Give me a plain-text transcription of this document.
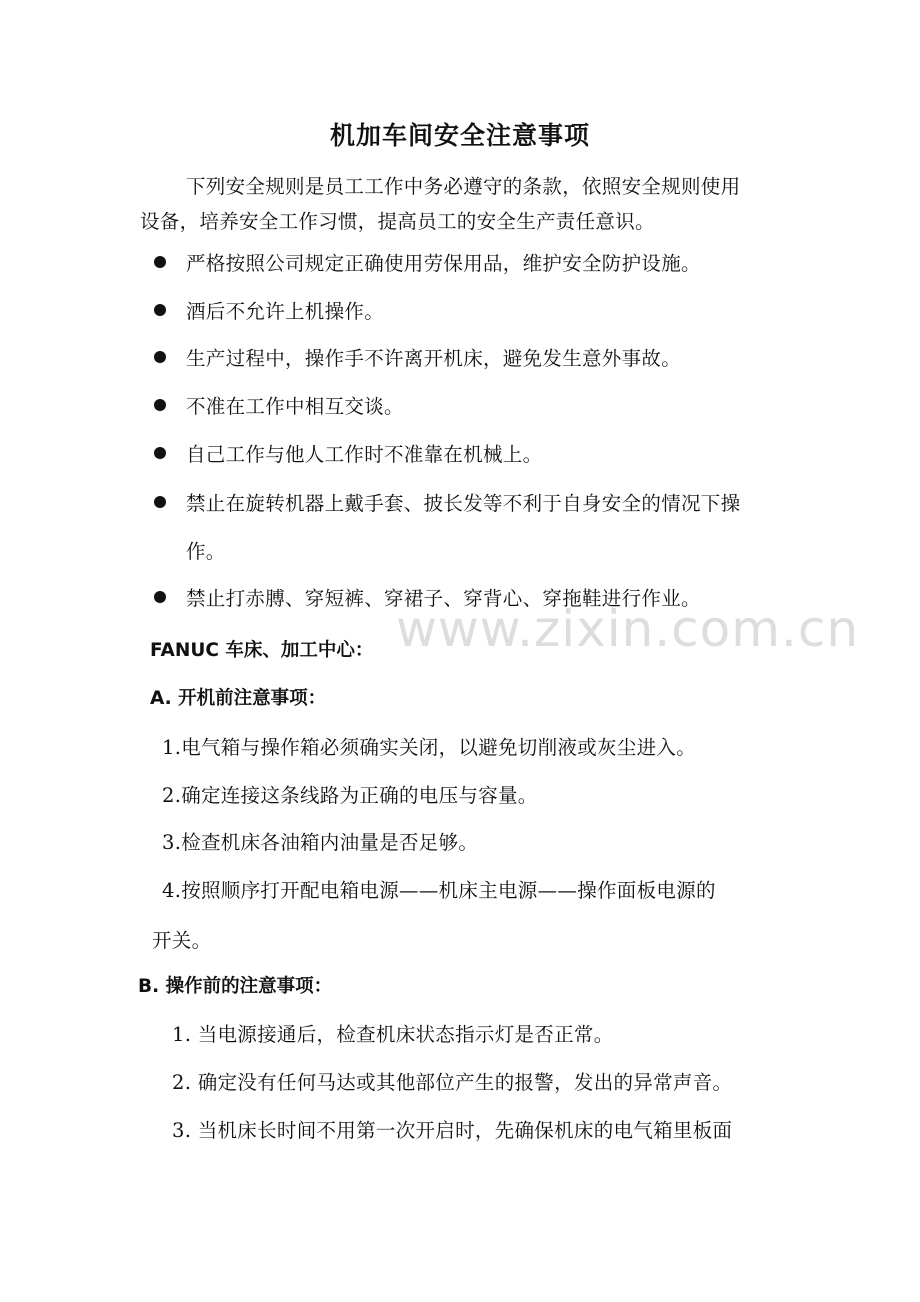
机加车间安全注意事项
下列安全规则是员工工作中务必遵守的条款，依照安全规则使用
设备，培养安全工作习惯，提高员工的安全生产责任意识。
严格按照公司规定正确使用劳保用品，维护安全防护设施。
酒后不允许上机操作。
生产过程中，操作手不许离开机床，避免发生意外事故。
不准在工作中相互交谈。
自己工作与他人工作时不准靠在机械上。
禁止在旋转机器上戴手套、披长发等不利于自身安全的情况下操
作。
禁止打赤膊、穿短裤、穿裙子、穿背心、穿拖鞋进行作业。
www.zixin.com.cn
FANUC 车床、加工中心：
A. 开机前注意事项：
1.电气箱与操作箱必须确实关闭，以避免切削液或灰尘进入。
2.确定连接这条线路为正确的电压与容量。
3.检查机床各油箱内油量是否足够。
4.按照顺序打开配电箱电源——机床主电源——操作面板电源的
开关。
B. 操作前的注意事项：
1. 当电源接通后，检查机床状态指示灯是否正常。
2. 确定没有任何马达或其他部位产生的报警，发出的异常声音。
3. 当机床长时间不用第一次开启时，先确保机床的电气箱里板面
